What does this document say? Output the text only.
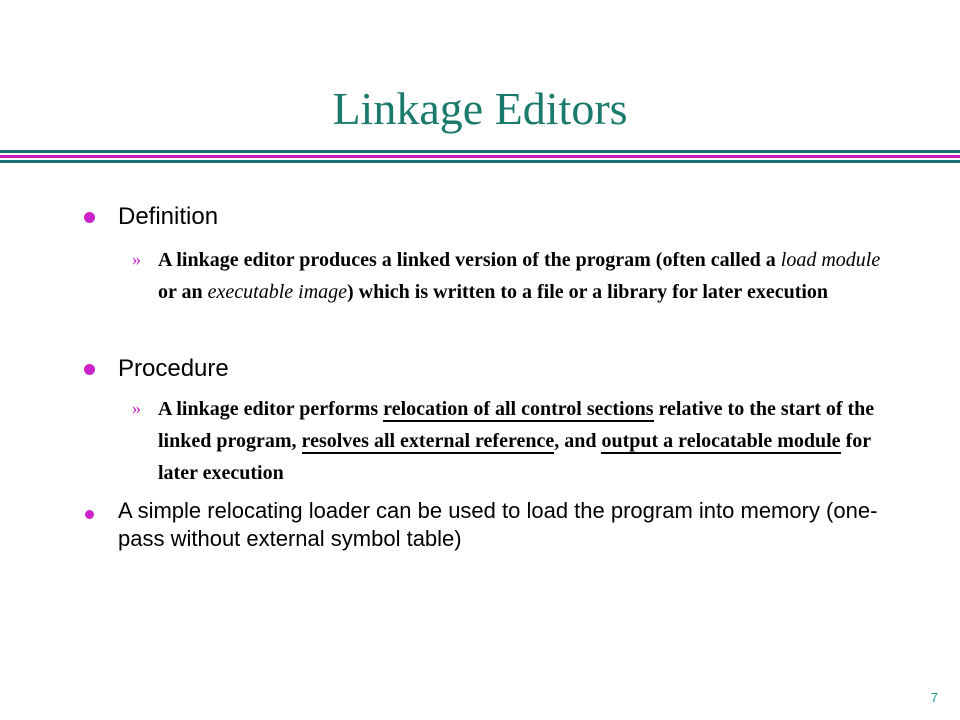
Linkage Editors
Definition
» A linkage editor produces a linked version of the program (often called a load module or an executable image) which is written to a file or a library for later execution
Procedure
» A linkage editor performs relocation of all control sections relative to the start of the linked program, resolves all external reference, and output a relocatable module for later execution
A simple relocating loader can be used to load the program into memory (one-pass without external symbol table)
7
